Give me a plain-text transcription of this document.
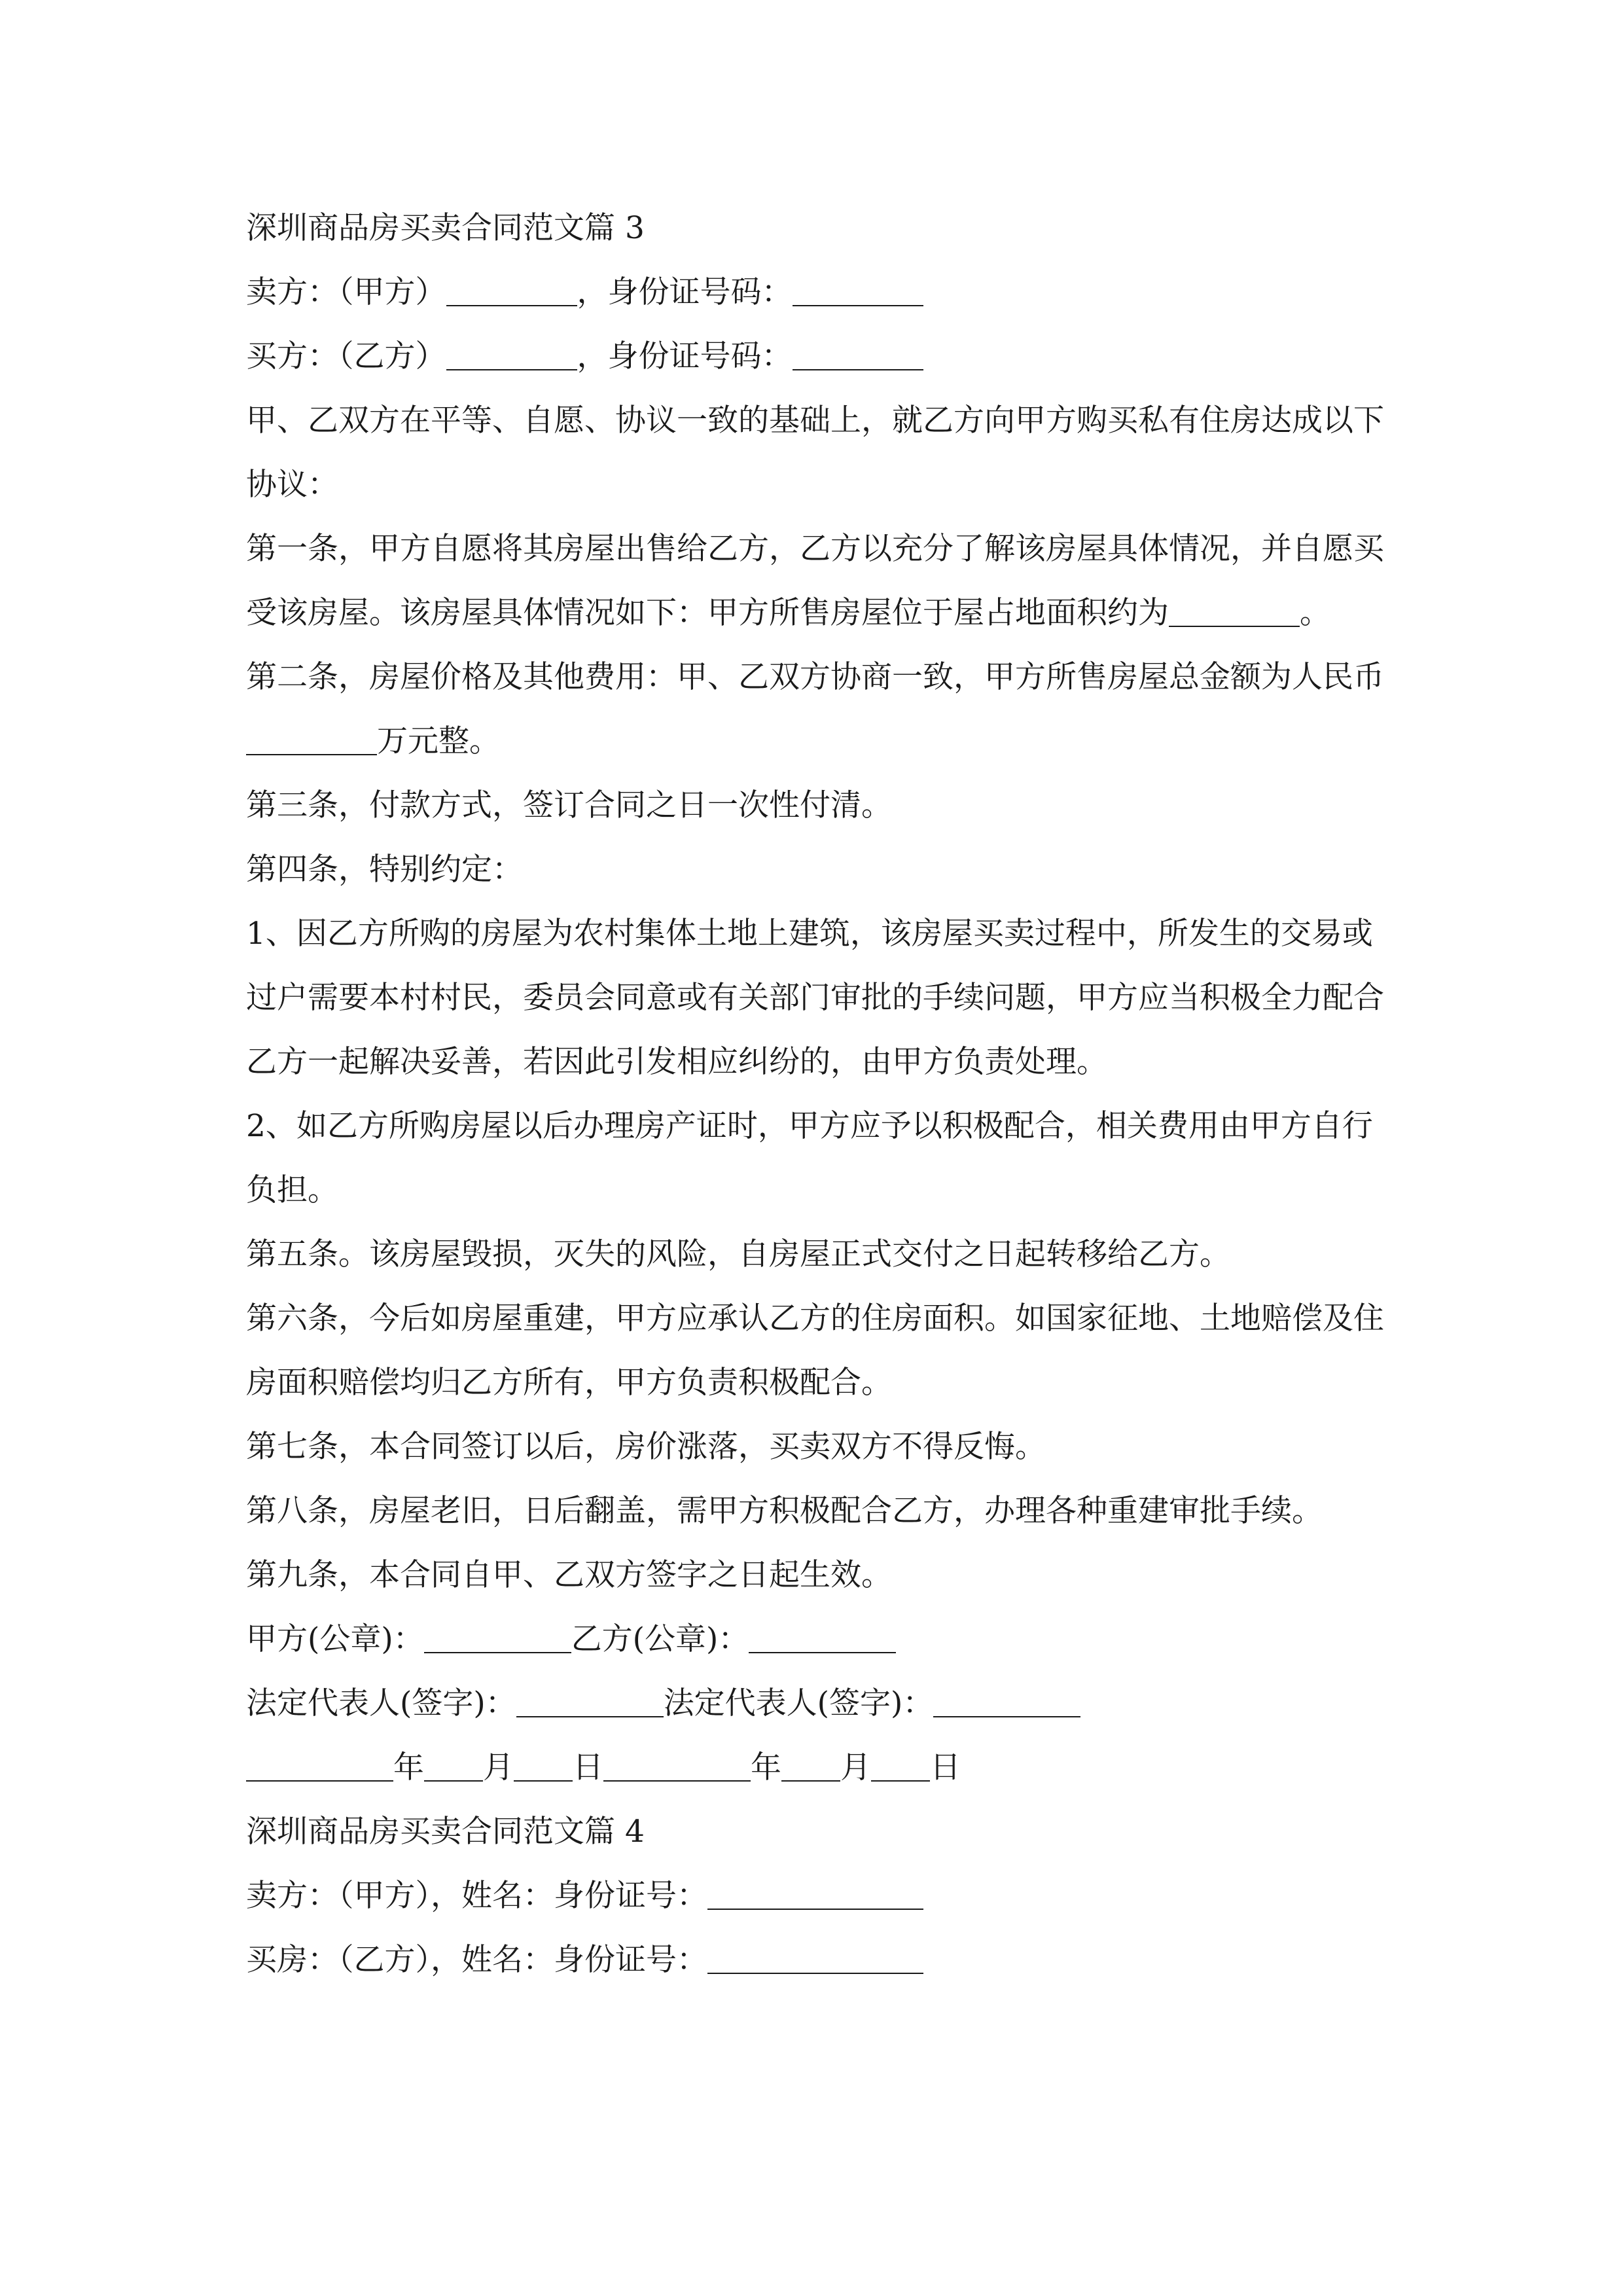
深圳商品房买卖合同范文篇 3
卖方：（甲方）	，身份证号码：
买方：（乙方）	，身份证号码：
甲、乙双方在平等、自愿、协议一致的基础上，就乙方向甲方购买私有住房达成以下协议：
第一条，甲方自愿将其房屋出售给乙方，乙方以充分了解该房屋具体情况，并自愿买受该房屋。该房屋具体情况如下：甲方所售房屋位于屋占地面积约为	。
第二条，房屋价格及其他费用：甲、乙双方协商一致，甲方所售房屋总金额为人民币万元整。
第三条，付款方式，签订合同之日一次性付清。
第四条，特别约定：
1、因乙方所购的房屋为农村集体土地上建筑，该房屋买卖过程中，所发生的交易或过户需要本村村民，委员会同意或有关部门审批的手续问题，甲方应当积极全力配合乙方一起解决妥善，若因此引发相应纠纷的，由甲方负责处理。
2、如乙方所购房屋以后办理房产证时，甲方应予以积极配合，相关费用由甲方自行负担。
第五条。该房屋毁损，灭失的风险，自房屋正式交付之日起转移给乙方。
第六条，今后如房屋重建，甲方应承认乙方的住房面积。如国家征地、土地赔偿及住房面积赔偿均归乙方所有，甲方负责积极配合。
第七条，本合同签订以后，房价涨落，买卖双方不得反悔。
第八条，房屋老旧，日后翻盖，需甲方积极配合乙方，办理各种重建审批手续。
第九条，本合同自甲、乙双方签字之日起生效。
甲方(公章)：	乙方(公章)：
法定代表人(签字)：	法定代表人(签字)：
年 月 日	年 月 日
深圳商品房买卖合同范文篇 4
卖方：（甲方），姓名：身份证号：
买房：（乙方），姓名：身份证号：
